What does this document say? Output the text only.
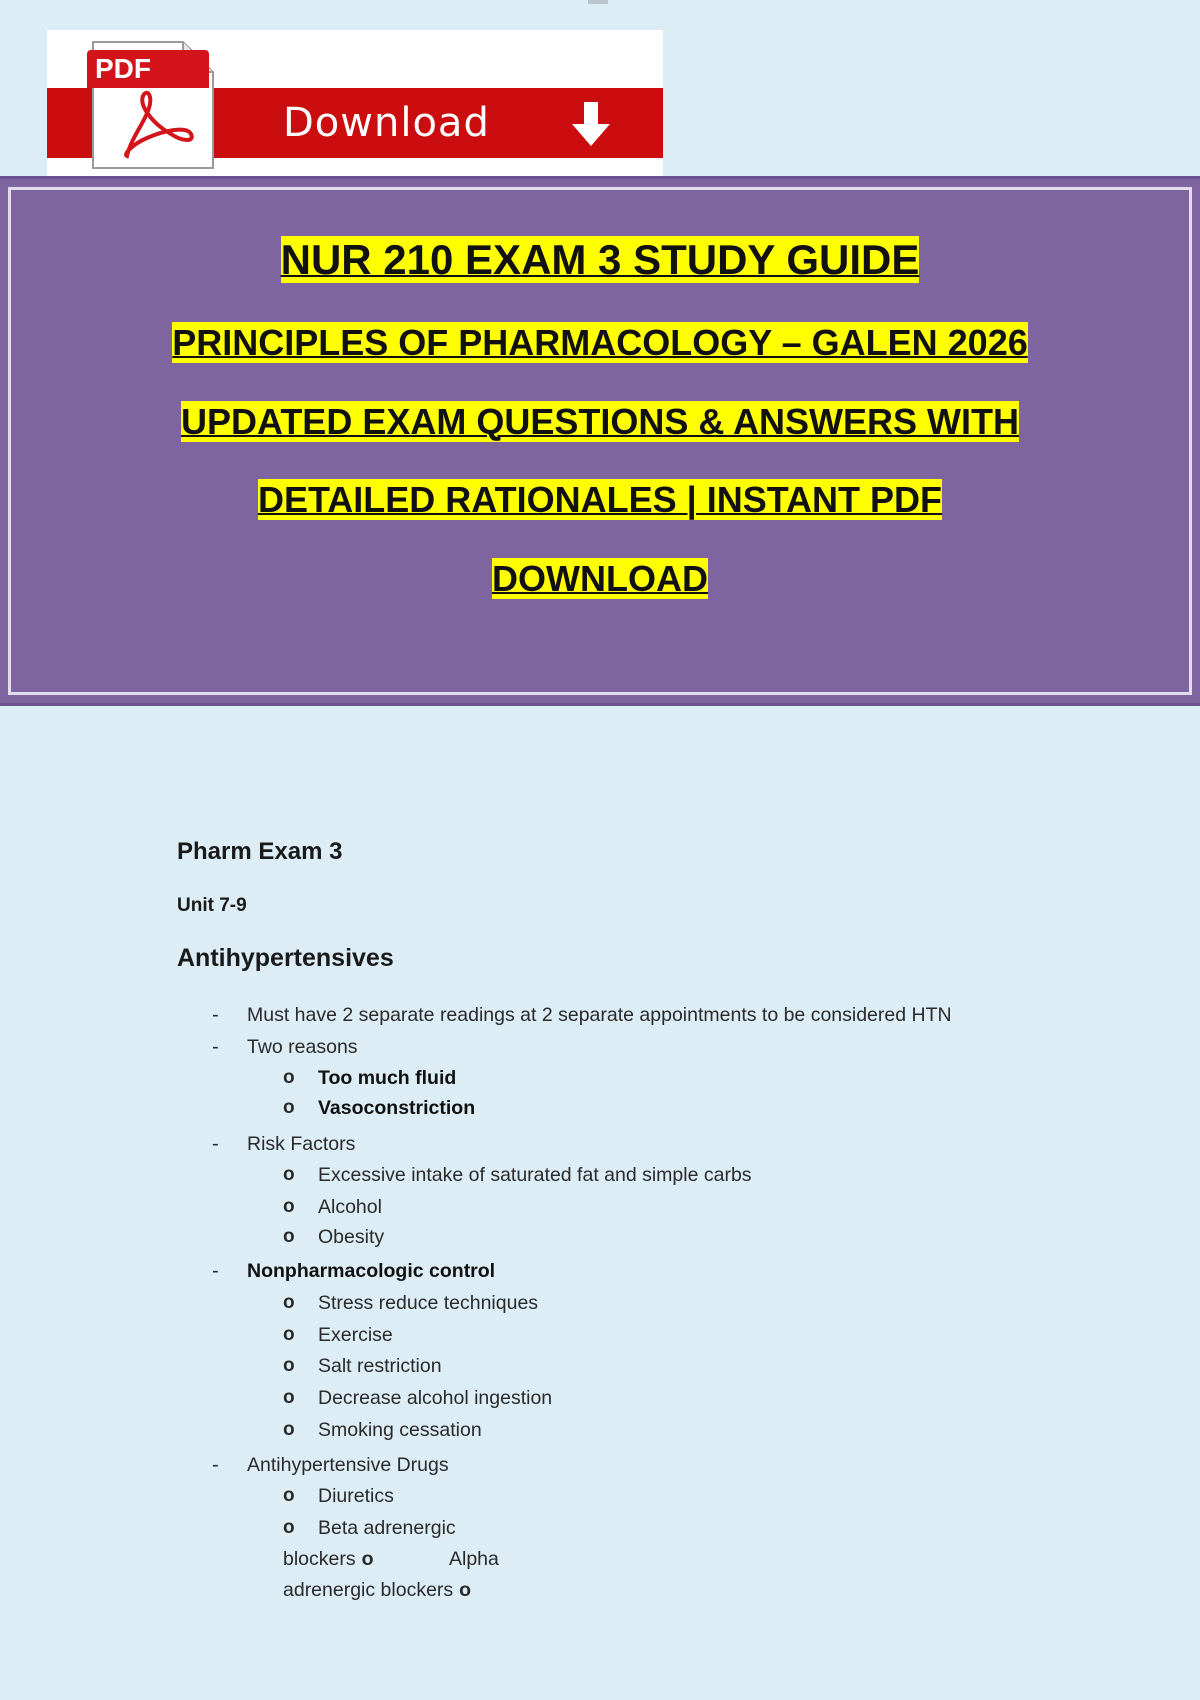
PDF
Download
NUR 210 EXAM 3 STUDY GUIDE
PRINCIPLES OF PHARMACOLOGY – GALEN 2026
UPDATED EXAM QUESTIONS & ANSWERS WITH
DETAILED RATIONALES | INSTANT PDF
DOWNLOAD
Pharm Exam 3
Unit 7-9
Antihypertensives
- Must have 2 separate readings at 2 separate appointments to be considered HTN
- Two reasons
o Too much fluid
o Vasoconstriction
- Risk Factors
o Excessive intake of saturated fat and simple carbs
o Alcohol
o Obesity
- Nonpharmacologic control
o Stress reduce techniques
o Exercise
o Salt restriction
o Decrease alcohol ingestion
o Smoking cessation
- Antihypertensive Drugs
o Diuretics
o Beta adrenergic
blockers o	Alpha
adrenergic blockers o
